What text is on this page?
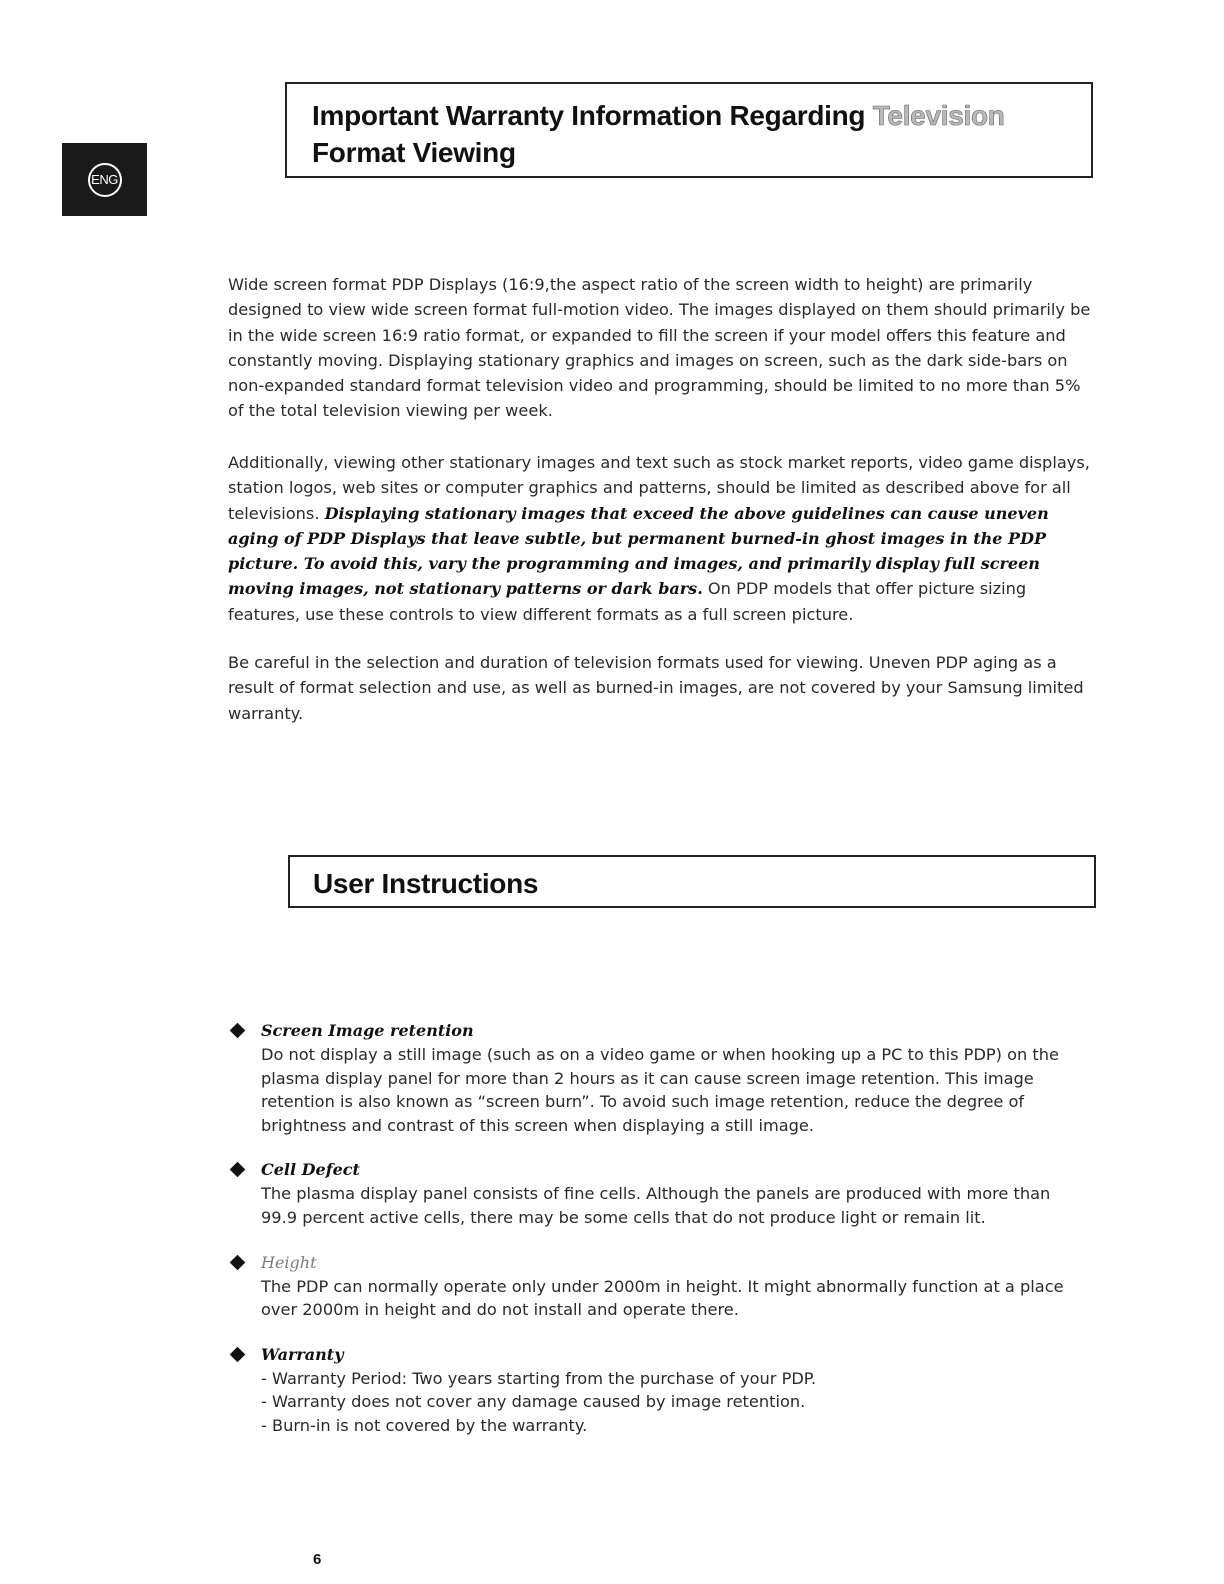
ENG
Important Warranty Information Regarding Television
Format Viewing

Wide screen format PDP Displays (16:9,the aspect ratio of the screen width to height) are primarily designed to view wide screen format full-motion video. The images displayed on them should primarily be in the wide screen 16:9 ratio format, or expanded to fill the screen if your model offers this feature and constantly moving. Displaying stationary graphics and images on screen, such as the dark side-bars on non-expanded standard format television video and programming, should be limited to no more than 5% of the total television viewing per week.

Additionally, viewing other stationary images and text such as stock market reports, video game displays, station logos, web sites or computer graphics and patterns, should be limited as described above for all televisions. Displaying stationary images that exceed the above guidelines can cause uneven aging of PDP Displays that leave subtle, but permanent burned-in ghost images in the PDP picture. To avoid this, vary the programming and images, and primarily display full screen moving images, not stationary patterns or dark bars. On PDP models that offer picture sizing features, use these controls to view different formats as a full screen picture.

Be careful in the selection and duration of television formats used for viewing. Uneven PDP aging as a result of format selection and use, as well as burned-in images, are not covered by your Samsung limited warranty.

User Instructions

Screen Image retention

Do not display a still image (such as on a video game or when hooking up a PC to this PDP) on the plasma display panel for more than 2 hours as it can cause screen image retention. This image retention is also known as “screen burn”. To avoid such image retention, reduce the degree of brightness and contrast of this screen when displaying a still image.

Cell Defect

The plasma display panel consists of fine cells. Although the panels are produced with more than 99.9 percent active cells, there may be some cells that do not produce light or remain lit.

Height

The PDP can normally operate only under 2000m in height. It might abnormally function at a place over 2000m in height and do not install and operate there.

Warranty

- Warranty Period: Two years starting from the purchase of your PDP.

- Warranty does not cover any damage caused by image retention.

- Burn-in is not covered by the warranty.

6
